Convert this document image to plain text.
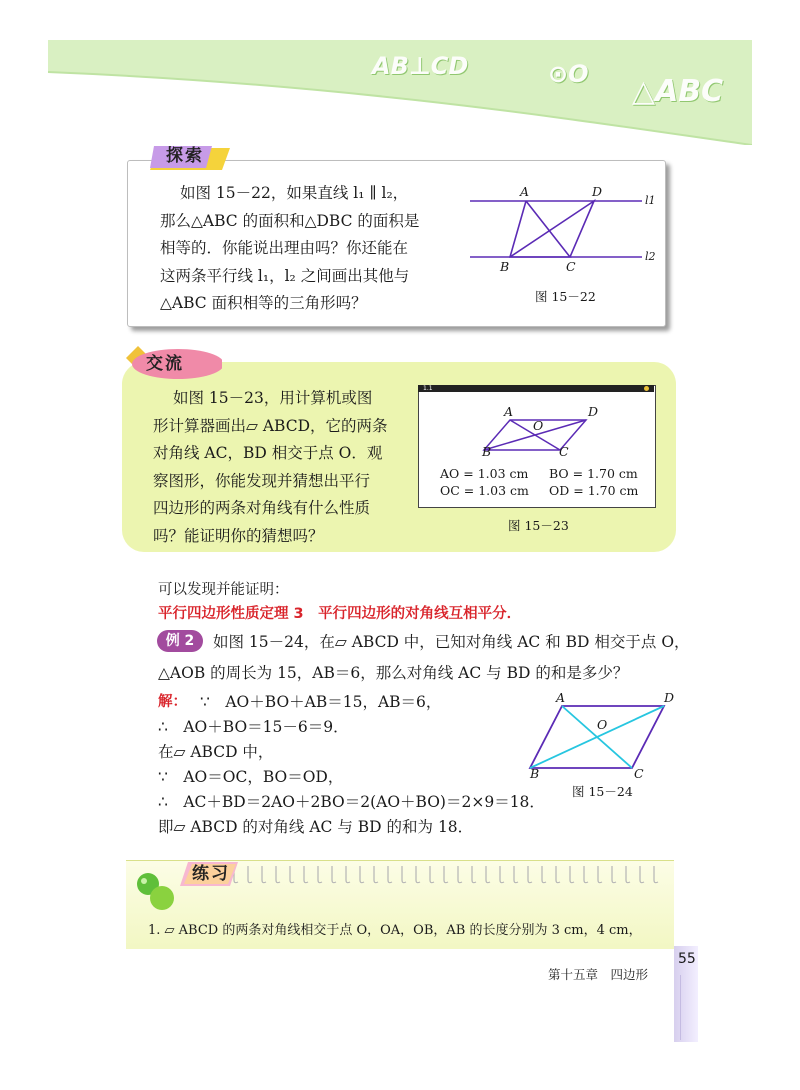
AB⊥CD	⊙O △ABC
探索
如图 15－22，如果直线 l₁ ∥ l₂，
那么△ABC 的面积和△DBC 的面积是
相等的．你能说出理由吗？你还能在
这两条平行线 l₁，l₂ 之间画出其他与
△ABC 面积相等的三角形吗？
A	D
B	C
l1
l2
图 15－22
交流
如图 15－23，用计算机或图
形计算器画出▱ ABCD，它的两条
对角线 AC，BD 相交于点 O．观
察图形，你能发现并猜想出平行
四边形的两条对角线有什么性质
吗？能证明你的猜想吗？
1.1
A	D
O
B	C
AO = 1.03 cm BO = 1.70 cm
OC = 1.03 cm OD = 1.70 cm
图 15－23
可以发现并能证明：
平行四边形性质定理 3　平行四边形的对角线互相平分．
例 2	如图 15－24，在▱ ABCD 中，已知对角线 AC 和 BD 相交于点 O，
△AOB 的周长为 15，AB＝6，那么对角线 AC 与 BD 的和是多少？
解： ∵　AO＋BO＋AB＝15，AB＝6，
∴　AO＋BO＝15－6＝9．
在▱ ABCD 中，
∵　AO＝OC，BO＝OD，
∴　AC＋BD＝2AO＋2BO＝2(AO＋BO)＝2×9＝18．
即▱ ABCD 的对角线 AC 与 BD 的和为 18．
A	D
O
B	C
图 15－24
练习
1. ▱ ABCD 的两条对角线相交于点 O，OA，OB，AB 的长度分别为 3 cm，4 cm，
第十五章　四边形
55
